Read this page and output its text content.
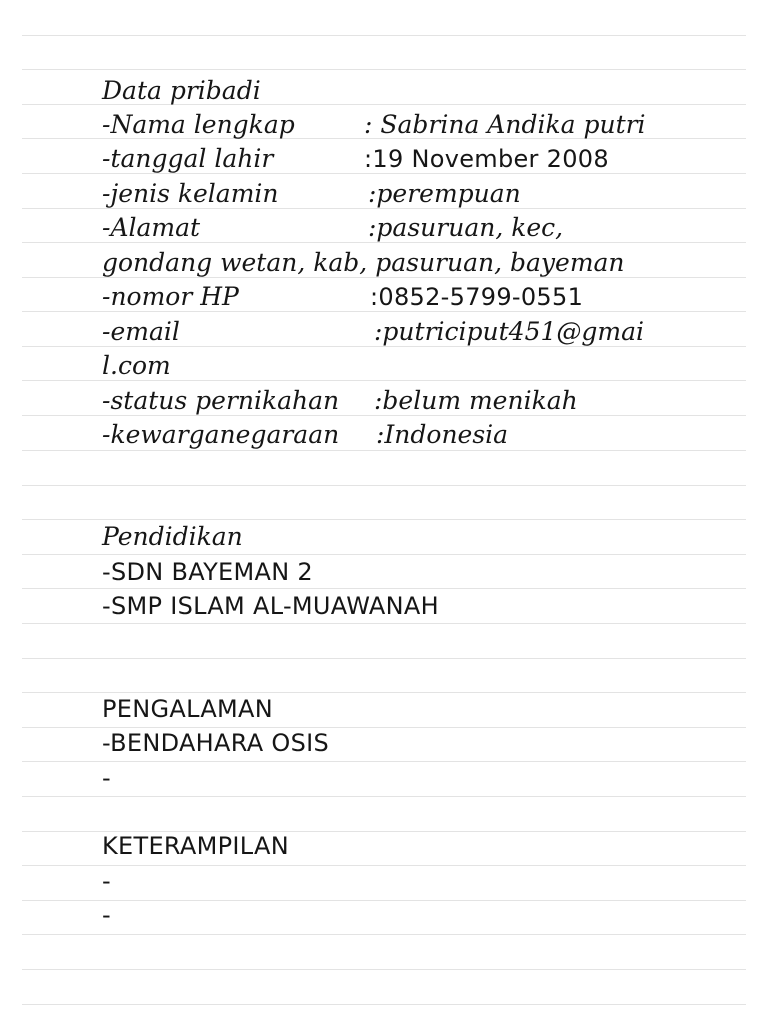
Data pribadi
-Nama lengkap	: Sabrina Andika putri
-tanggal lahir	:19 November 2008
-jenis kelamin	:perempuan
-Alamat	:pasuruan, kec,
gondang wetan, kab, pasuruan, bayeman
-nomor HP	:0852-5799-0551
-email	:putriciput451@gmai
l.com
-status pernikahan :belum menikah
-kewarganegaraan :Indonesia
Pendidikan
-SDN BAYEMAN 2
-SMP ISLAM AL-MUAWANAH
PENGALAMAN
-BENDAHARA OSIS
-
KETERAMPILAN
-
-
